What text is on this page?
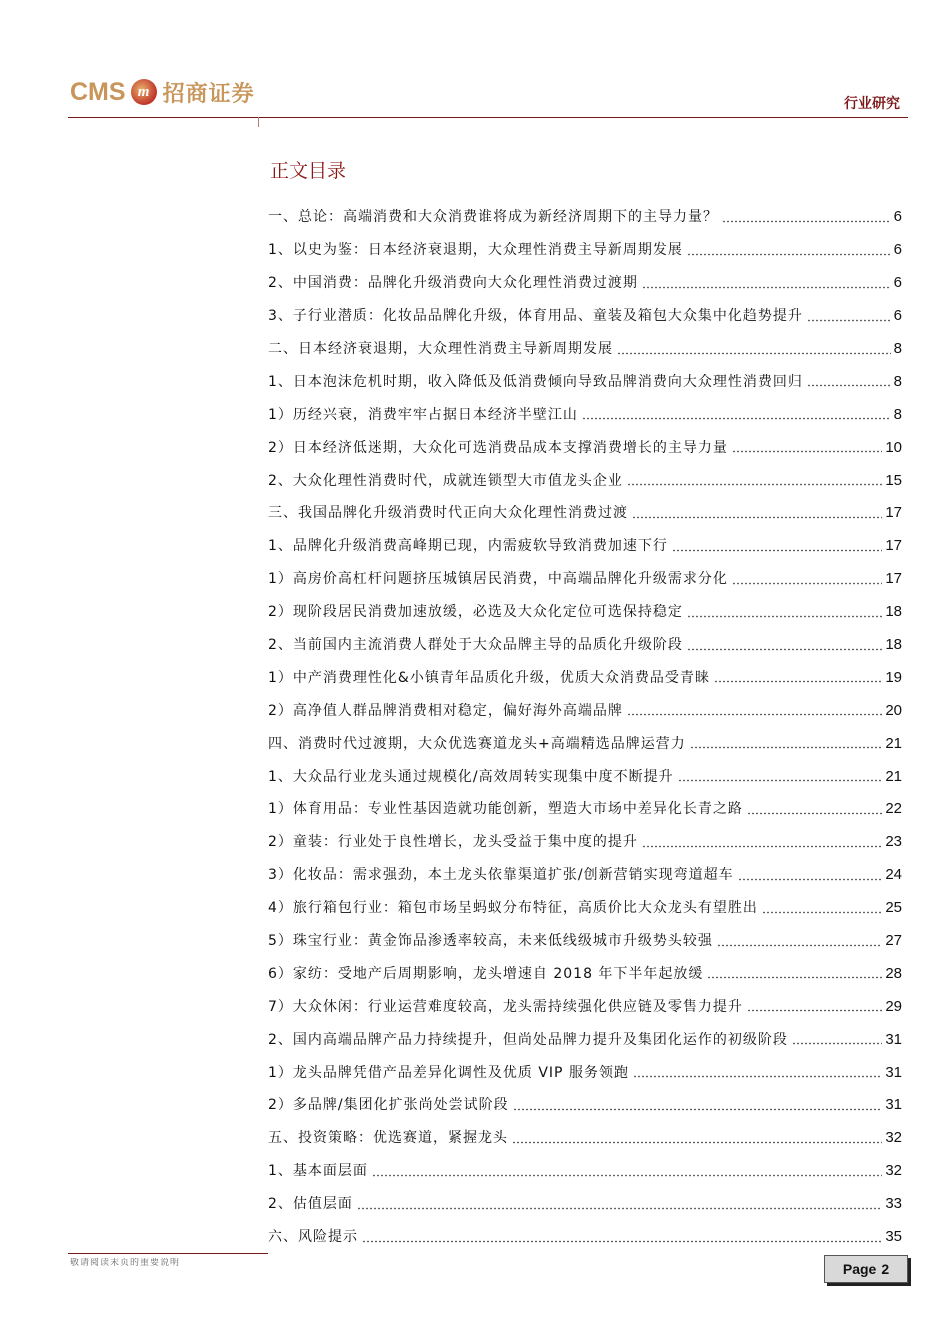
CMS m 招商证券	行业研究
正文目录
一、总论：高端消费和大众消费谁将成为新经济周期下的主导力量？	6
1、以史为鉴：日本经济衰退期，大众理性消费主导新周期发展	6
2、中国消费：品牌化升级消费向大众化理性消费过渡期	6
3、子行业潜质：化妆品品牌化升级，体育用品、童装及箱包大众集中化趋势提升	6
二、日本经济衰退期，大众理性消费主导新周期发展	8
1、日本泡沫危机时期，收入降低及低消费倾向导致品牌消费向大众理性消费回归	8
1）历经兴衰，消费牢牢占据日本经济半壁江山	8
2）日本经济低迷期，大众化可选消费品成本支撑消费增长的主导力量	10
2、大众化理性消费时代，成就连锁型大市值龙头企业	15
三、我国品牌化升级消费时代正向大众化理性消费过渡	17
1、品牌化升级消费高峰期已现，内需疲软导致消费加速下行	17
1）高房价高杠杆问题挤压城镇居民消费，中高端品牌化升级需求分化	17
2）现阶段居民消费加速放缓，必选及大众化定位可选保持稳定	18
2、当前国内主流消费人群处于大众品牌主导的品质化升级阶段	18
1）中产消费理性化&小镇青年品质化升级，优质大众消费品受青睐	19
2）高净值人群品牌消费相对稳定，偏好海外高端品牌	20
四、消费时代过渡期，大众优选赛道龙头+高端精选品牌运营力	21
1、大众品行业龙头通过规模化/高效周转实现集中度不断提升	21
1）体育用品：专业性基因造就功能创新，塑造大市场中差异化长青之路	22
2）童装：行业处于良性增长，龙头受益于集中度的提升	23
3）化妆品：需求强劲，本土龙头依靠渠道扩张/创新营销实现弯道超车	24
4）旅行箱包行业：箱包市场呈蚂蚁分布特征，高质价比大众龙头有望胜出	25
5）珠宝行业：黄金饰品渗透率较高，未来低线级城市升级势头较强	27
6）家纺：受地产后周期影响，龙头增速自 2018 年下半年起放缓	28
7）大众休闲：行业运营难度较高，龙头需持续强化供应链及零售力提升	29
2、国内高端品牌产品力持续提升，但尚处品牌力提升及集团化运作的初级阶段	31
1）龙头品牌凭借产品差异化调性及优质 VIP 服务领跑	31
2）多品牌/集团化扩张尚处尝试阶段	31
五、投资策略：优选赛道，紧握龙头	32
1、基本面层面	32
2、估值层面	33
六、风险提示	35
敬请阅读末页的重要说明	Page 2
